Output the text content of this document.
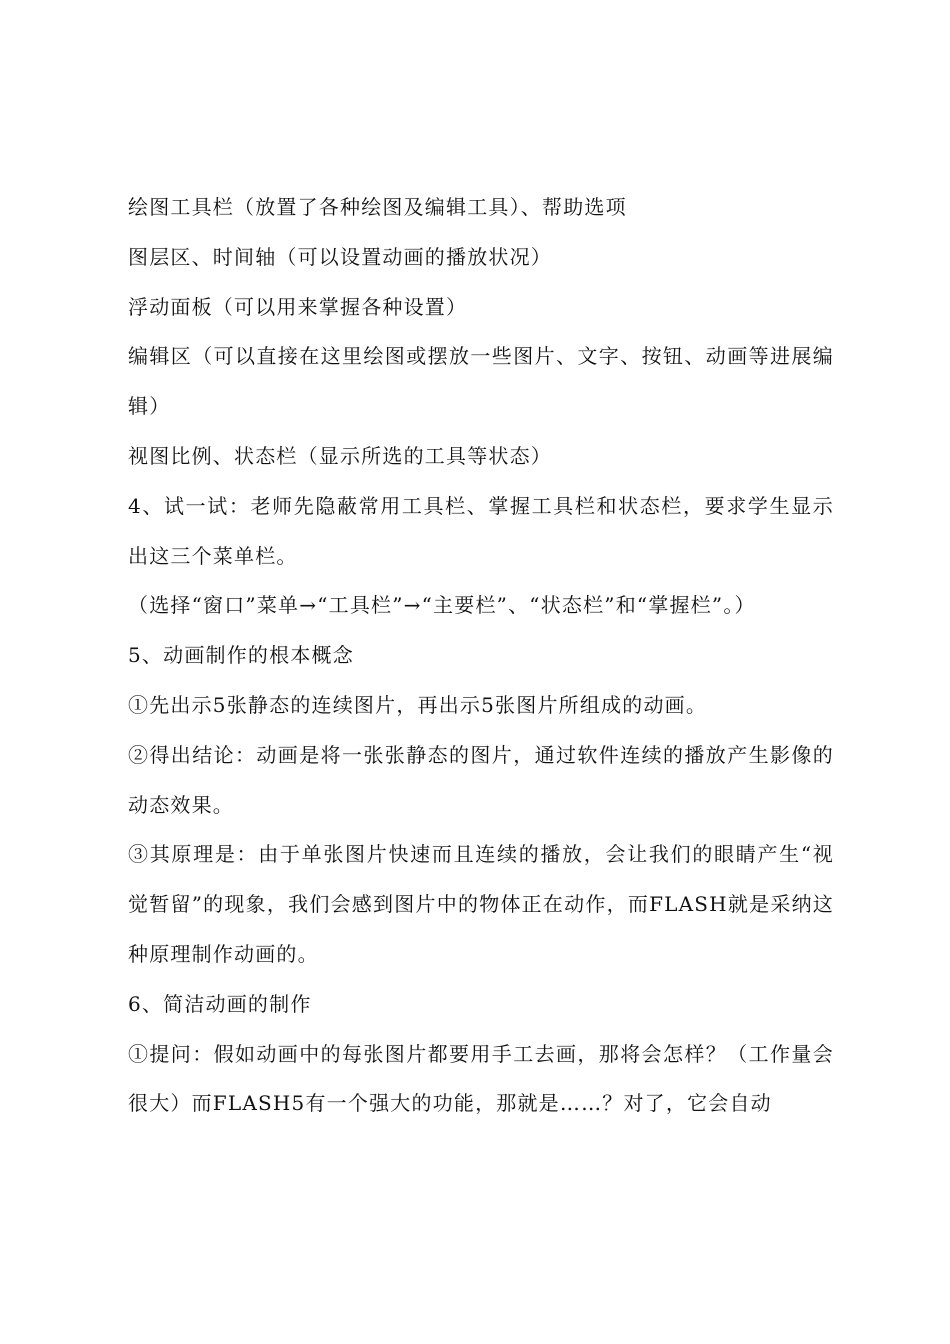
绘图工具栏（放置了各种绘图及编辑工具）、帮助选项

图层区、时间轴（可以设置动画的播放状况）

浮动面板（可以用来掌握各种设置）

编辑区（可以直接在这里绘图或摆放一些图片、文字、按钮、动画等进展编辑）

视图比例、状态栏（显示所选的工具等状态）

4、试一试：老师先隐蔽常用工具栏、掌握工具栏和状态栏，要求学生显示出这三个菜单栏。

（选择“窗口”菜单→“工具栏”→“主要栏”、“状态栏”和“掌握栏”。）

5、动画制作的根本概念

①先出示5张静态的连续图片，再出示5张图片所组成的动画。

②得出结论：动画是将一张张静态的图片，通过软件连续的播放产生影像的动态效果。

③其原理是：由于单张图片快速而且连续的播放，会让我们的眼睛产生“视觉暂留”的现象，我们会感到图片中的物体正在动作，而FLASH就是采纳这种原理制作动画的。

6、简洁动画的制作

①提问：假如动画中的每张图片都要用手工去画，那将会怎样？（工作量会很大）而FLASH5有一个强大的功能，那就是……？对了，它会自动
